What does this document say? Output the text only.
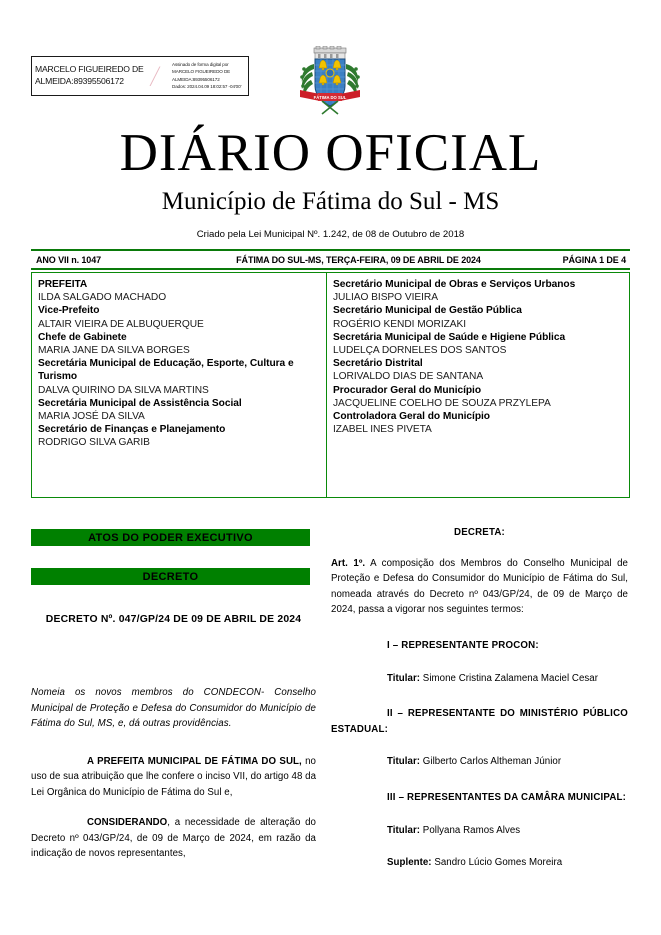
MARCELO FIGUEIREDO DE
ALMEIDA:89395506172 ⁄	Assinado de forma digital por
MARCELO FIGUEIREDO DE
ALMEIDA:89395506172
Dados: 2024.04.09 18:02:57 -04'00'
FÁTIMA DO SUL
DIÁRIO OFICIAL
Município de Fátima do Sul - MS

Criado pela Lei Municipal Nº. 1.242, de 08 de Outubro de 2018

ANO VII n. 1047	FÁTIMA DO SUL-MS, TERÇA-FEIRA, 09 DE ABRIL DE 2024	PÁGINA 1 DE 4
PREFEITA
ILDA SALGADO MACHADO
Vice-Prefeito
ALTAIR VIEIRA DE ALBUQUERQUE
Chefe de Gabinete
MARIA JANE DA SILVA BORGES
Secretária Municipal de Educação, Esporte, Cultura e Turismo
DALVA QUIRINO DA SILVA MARTINS
Secretária Municipal de Assistência Social
MARIA JOSÉ DA SILVA
Secretário de Finanças e Planejamento
RODRIGO SILVA GARIB
Secretário Municipal de Obras e Serviços Urbanos
JULIAO BISPO VIEIRA
Secretário Municipal de Gestão Pública
ROGÉRIO KENDI MORIZAKI
Secretária Municipal de Saúde e Higiene Pública
LUDELÇA DORNELES DOS SANTOS
Secretário Distrital
LORIVALDO DIAS DE SANTANA
Procurador Geral do Município
JACQUELINE COELHO DE SOUZA PRZYLEPA
Controladora Geral do Município
IZABEL INES PIVETA
ATOS DO PODER EXECUTIVO
DECRETO

DECRETO Nº. 047/GP/24 DE 09 DE ABRIL DE 2024

Nomeia os novos membros do CONDECON- Conselho Municipal de Proteção e Defesa do Consumidor do Município de Fátima do Sul, MS, e, dá outras providências.

A PREFEITA MUNICIPAL DE FÁTIMA DO SUL, no uso de sua atribuição que lhe confere o inciso VII, do artigo 48 da Lei Orgânica do Município de Fátima do Sul e,

CONSIDERANDO, a necessidade de alteração do Decreto nº 043/GP/24, de 09 de Março de 2024, em razão da indicação de novos representantes,

DECRETA:

Art. 1º. A composição dos Membros do Conselho Municipal de Proteção e Defesa do Consumidor do Município de Fátima do Sul, nomeada através do Decreto nº 043/GP/24, de 09 de Março de 2024, passa a vigorar nos seguintes termos:

I – REPRESENTANTE PROCON:

Titular: Simone Cristina Zalamena Maciel Cesar

II – REPRESENTANTE DO MINISTÉRIO PÚBLICO ESTADUAL:

Titular: Gilberto Carlos Altheman Júnior

III – REPRESENTANTES DA CAMÂRA MUNICIPAL:

Titular: Pollyana Ramos Alves

Suplente: Sandro Lúcio Gomes Moreira
